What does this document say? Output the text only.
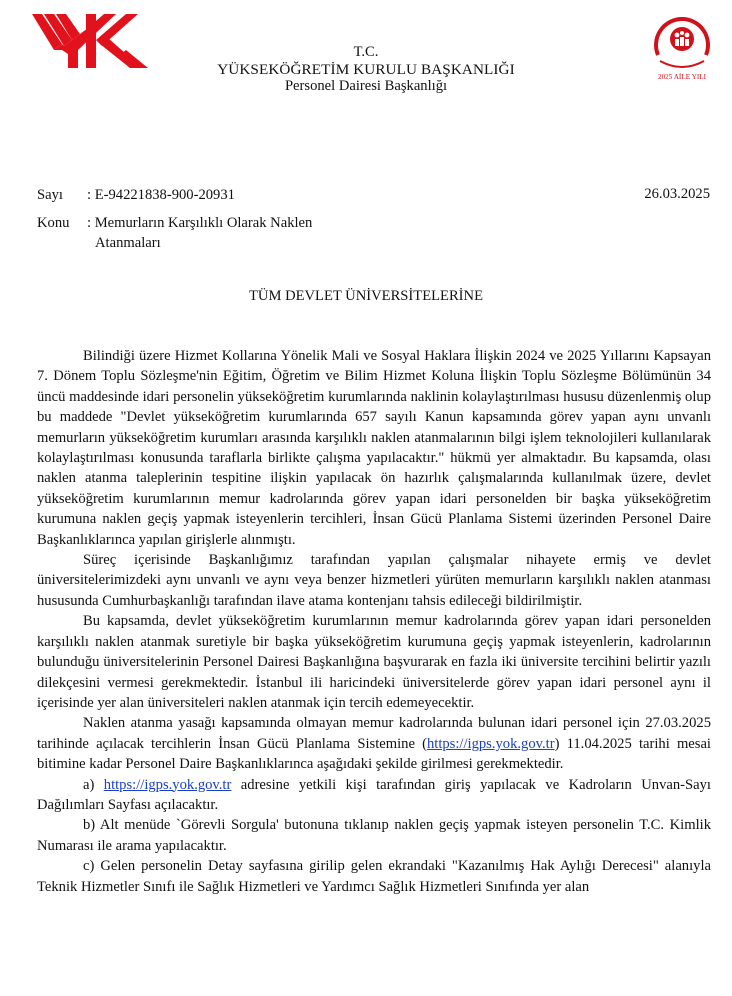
2025 AİLE YILI
T.C.
YÜKSEKÖĞRETİM KURULU BAŞKANLIĞI
Personel Dairesi Başkanlığı
Sayı : E-94221838-900-20931	26.03.2025
Konu : Memurların Karşılıklı Olarak Naklen
Atanmaları
TÜM DEVLET ÜNİVERSİTELERİNE

Bilindiği üzere Hizmet Kollarına Yönelik Mali ve Sosyal Haklara İlişkin 2024 ve 2025 Yıllarını Kapsayan 7. Dönem Toplu Sözleşme'nin Eğitim, Öğretim ve Bilim Hizmet Koluna İlişkin Toplu Sözleşme Bölümünün 34 üncü maddesinde idari personelin yükseköğretim kurumlarında naklinin kolaylaştırılması hususu düzenlenmiş olup bu maddede "Devlet yükseköğretim kurumlarında 657 sayılı Kanun kapsamında görev yapan aynı unvanlı memurların yükseköğretim kurumları arasında karşılıklı naklen atanmalarının bilgi işlem teknolojileri kullanılarak kolaylaştırılması konusunda taraflarla birlikte çalışma yapılacaktır." hükmü yer almaktadır. Bu kapsamda, olası naklen atanma taleplerinin tespitine ilişkin yapılacak ön hazırlık çalışmalarında kullanılmak üzere, devlet yükseköğretim kurumlarının memur kadrolarında görev yapan idari personelden bir başka yükseköğretim kurumuna naklen geçiş yapmak isteyenlerin tercihleri, İnsan Gücü Planlama Sistemi üzerinden Personel Daire Başkanlıklarınca yapılan girişlerle alınmıştı.

Süreç içerisinde Başkanlığımız tarafından yapılan çalışmalar nihayete ermiş ve devlet üniversitelerimizdeki aynı unvanlı ve aynı veya benzer hizmetleri yürüten memurların karşılıklı naklen atanması hususunda Cumhurbaşkanlığı tarafından ilave atama kontenjanı tahsis edileceği bildirilmiştir.

Bu kapsamda, devlet yükseköğretim kurumlarının memur kadrolarında görev yapan idari personelden karşılıklı naklen atanmak suretiyle bir başka yükseköğretim kurumuna geçiş yapmak isteyenlerin, kadrolarının bulunduğu üniversitelerinin Personel Dairesi Başkanlığına başvurarak en fazla iki üniversite tercihini belirtir yazılı dilekçesini vermesi gerekmektedir. İstanbul ili haricindeki üniversitelerde görev yapan idari personel aynı il içerisinde yer alan üniversiteleri naklen atanmak için tercih edemeyecektir.

Naklen atanma yasağı kapsamında olmayan memur kadrolarında bulunan idari personel için 27.03.2025 tarihinde açılacak tercihlerin İnsan Gücü Planlama Sistemine (https://igps.yok.gov.tr) 11.04.2025 tarihi mesai bitimine kadar Personel Daire Başkanlıklarınca aşağıdaki şekilde girilmesi gerekmektedir.

a) https://igps.yok.gov.tr adresine yetkili kişi tarafından giriş yapılacak ve Kadroların Unvan-Sayı Dağılımları Sayfası açılacaktır.

b) Alt menüde `Görevli Sorgula' butonuna tıklanıp naklen geçiş yapmak isteyen personelin T.C. Kimlik Numarası ile arama yapılacaktır.

c) Gelen personelin Detay sayfasına girilip gelen ekrandaki "Kazanılmış Hak Aylığı Derecesi" alanıyla Teknik Hizmetler Sınıfı ile Sağlık Hizmetleri ve Yardımcı Sağlık Hizmetleri Sınıfında yer alan
